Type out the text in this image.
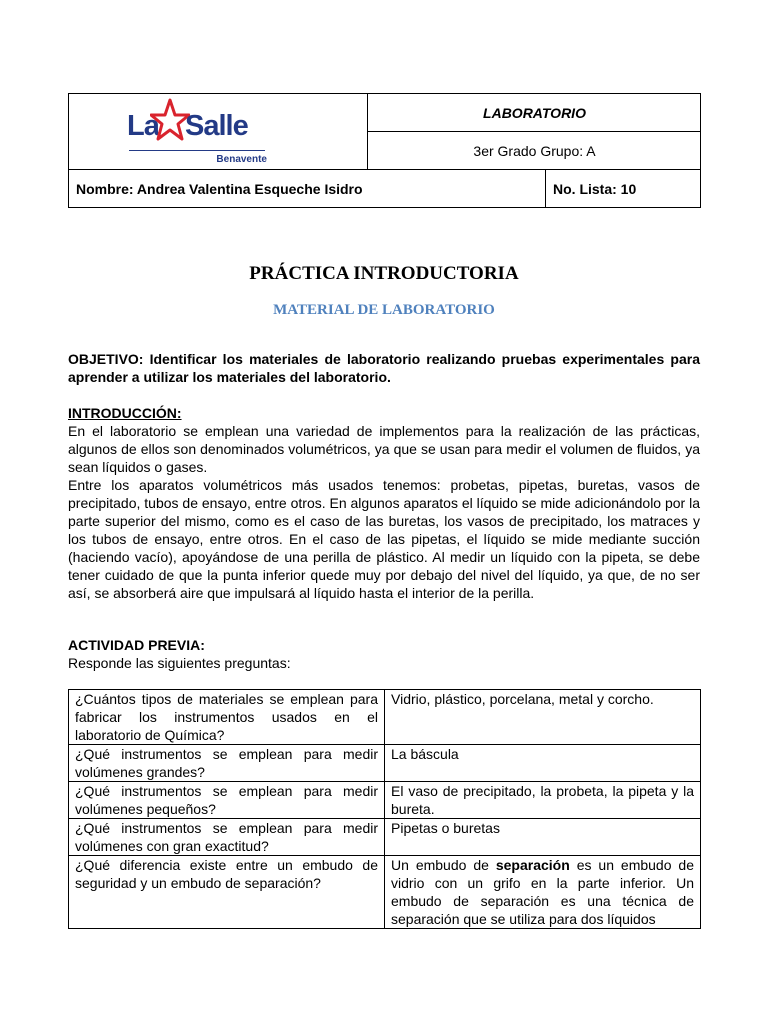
La Salle
Benavente
LABORATORIO
3er Grado Grupo: A
Nombre: Andrea Valentina Esqueche Isidro	No. Lista: 10
PRÁCTICA INTRODUCTORIA
MATERIAL DE LABORATORIO
OBJETIVO: Identificar los materiales de laboratorio realizando pruebas experimentales para aprender a utilizar los materiales del laboratorio.
INTRODUCCIÓN:
En el laboratorio se emplean una variedad de implementos para la realización de las prácticas, algunos de ellos son denominados volumétricos, ya que se usan para medir el volumen de fluidos, ya sean líquidos o gases.
Entre los aparatos volumétricos más usados tenemos: probetas, pipetas, buretas, vasos de precipitado, tubos de ensayo, entre otros. En algunos aparatos el líquido se mide adicionándolo por la parte superior del mismo, como es el caso de las buretas, los vasos de precipitado, los matraces y los tubos de ensayo, entre otros. En el caso de las pipetas, el líquido se mide mediante succión (haciendo vacío), apoyándose de una perilla de plástico. Al medir un líquido con la pipeta, se debe tener cuidado de que la punta inferior quede muy por debajo del nivel del líquido, ya que, de no ser así, se absorberá aire que impulsará al líquido hasta el interior de la perilla.
ACTIVIDAD PREVIA:
Responde las siguientes preguntas:
¿Cuántos tipos de materiales se emplean para fabricar los instrumentos usados en el laboratorio de Química?	Vidrio, plástico, porcelana, metal y corcho.
¿Qué instrumentos se emplean para medir volúmenes grandes?	La báscula
¿Qué instrumentos se emplean para medir volúmenes pequeños?	El vaso de precipitado, la probeta, la pipeta y la bureta.
¿Qué instrumentos se emplean para medir volúmenes con gran exactitud?	Pipetas o buretas
¿Qué diferencia existe entre un embudo de seguridad y un embudo de separación?	Un embudo de separación es un embudo de vidrio con un grifo en la parte inferior. Un embudo de separación es una técnica de separación que se utiliza para dos líquidos
